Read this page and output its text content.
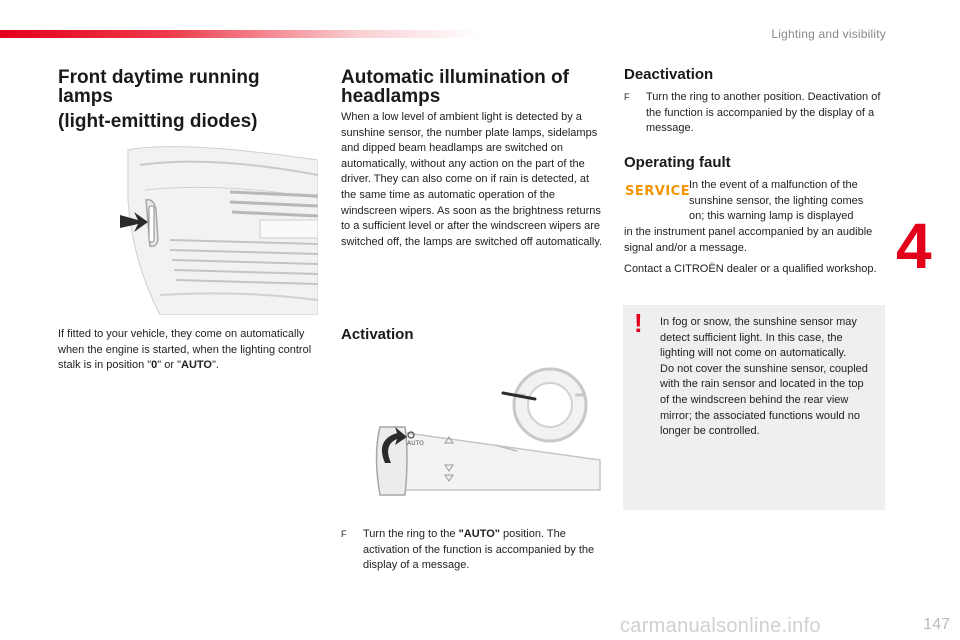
Lighting and visibility
Front daytime running
lamps
(light-emitting diodes)

If fitted to your vehicle, they come on automatically when the engine is started, when the lighting control stalk is in position "0" or "AUTO".

Automatic illumination of
headlamps

When a low level of ambient light is detected by a sunshine sensor, the number plate lamps, sidelamps and dipped beam headlamps are switched on automatically, without any action on the part of the driver. They can also come on if rain is detected, at the same time as automatic operation of the windscreen wipers. As soon as the brightness returns to a sufficient level or after the windscreen wipers are switched off, the lamps are switched off automatically.

Activation
AUTO
F Turn the ring to the "AUTO" position. The activation of the function is accompanied by the display of a message.
Deactivation
F Turn the ring to another position. Deactivation of the function is accompanied by the display of a message.
Operating fault
SERVICE
In the event of a malfunction of the
sunshine sensor, the lighting comes
on; this warning lamp is displayed

in the instrument panel accompanied by an audible signal and/or a message.

Contact a CITROËN dealer or a qualified workshop.

! In fog or snow, the sunshine sensor may detect sufficient light. In this case, the lighting will not come on automatically.
Do not cover the sunshine sensor, coupled with the rain sensor and located in the top of the windscreen behind the rear view mirror; the associated functions would no longer be controlled.
4
carmanualsonline.info	147
